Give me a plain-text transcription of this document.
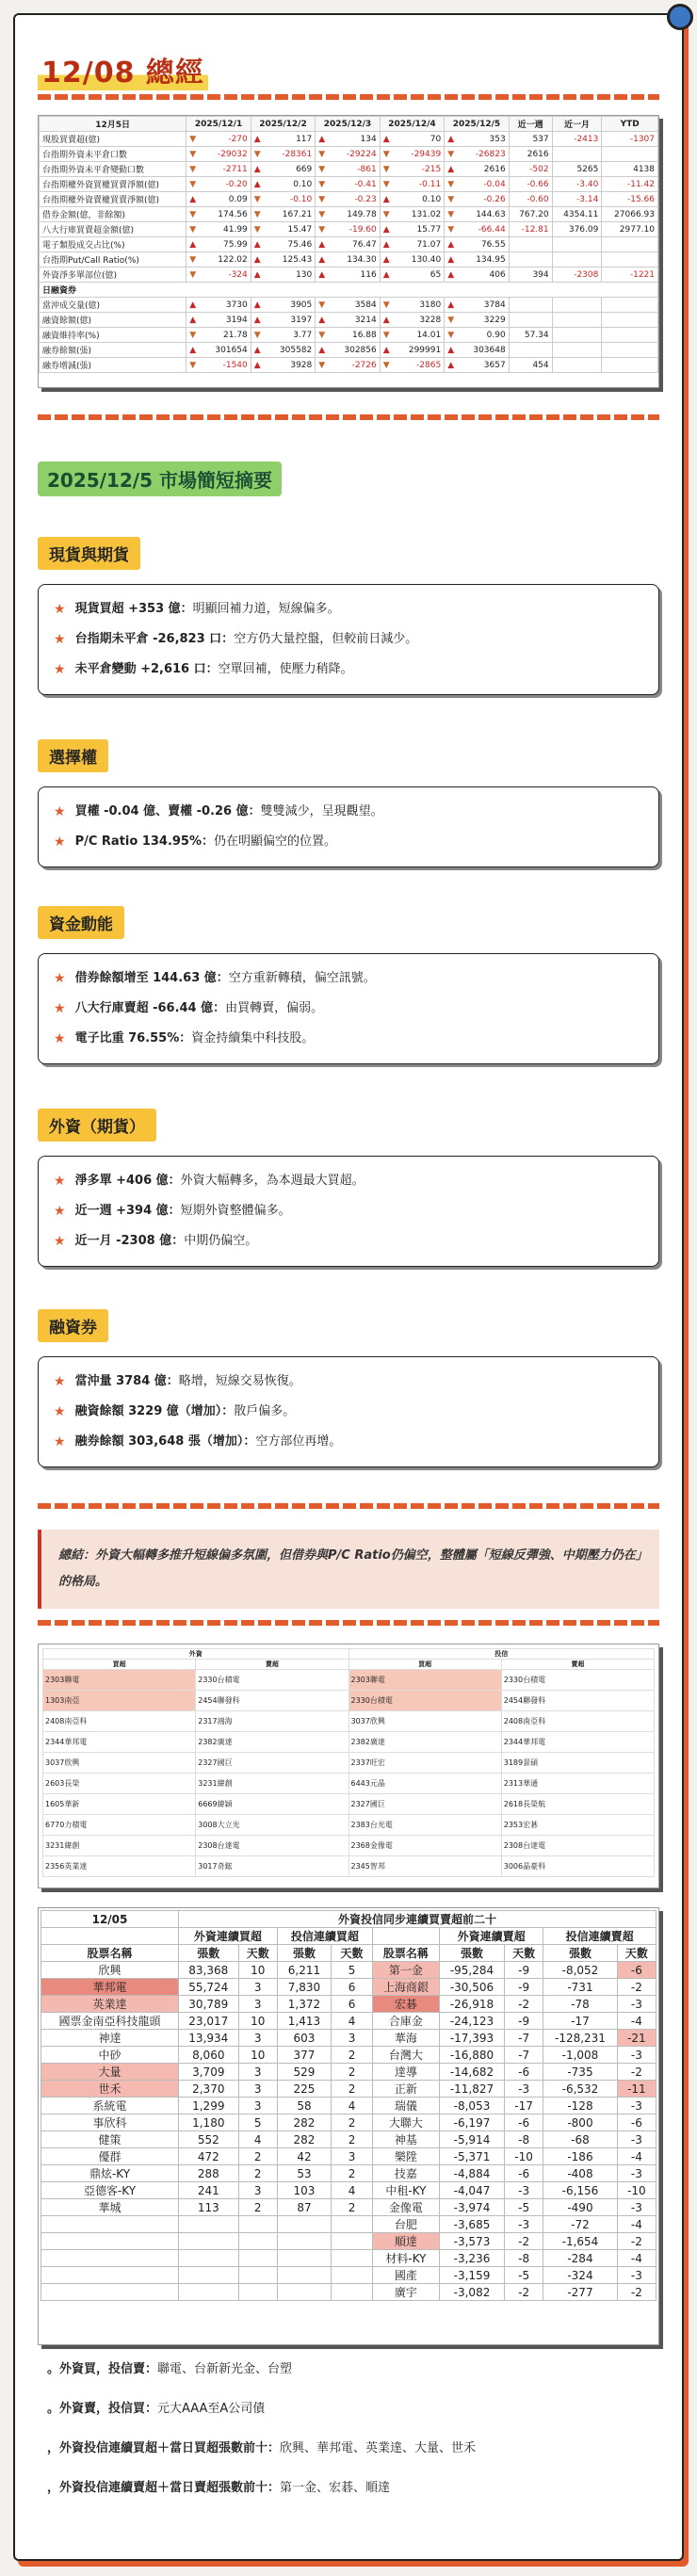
12/08 總經
12月5日	2025/12/1	2025/12/2	2025/12/3	2025/12/4	2025/12/5	近一週	近一月	YTD
現股買賣超(億)	▼ -270	▲ 117	▲ 134	▲ 70	▲ 353	537	-2413	-1307
台指期外資未平倉口數	▼ -29032	▼ -28361	▼ -29224	▼ -29439	▼ -26823	2616		
台指期外資未平倉變動口數	▼ -2711	▲ 669	▼ -861	▼ -215	▲ 2616	-502	5265	4138
台指期權外資買權買賣淨額(億)	▼ -0.20	▲ 0.10	▼ -0.41	▼ -0.11	▼ -0.04	-0.66	-3.40	-11.42
台指期權外資賣權買賣淨額(億)	▲ 0.09	▼ -0.10	▼ -0.23	▲ 0.10	▼ -0.26	-0.60	-3.14	-15.66
借券金額(億，非餘額)	▼ 174.56	▼ 167.21	▼ 149.78	▼ 131.02	▼ 144.63	767.20	4354.11	27066.93
八大行庫買賣超金額(億)	▼ 41.99	▼ 15.47	▼ -19.60	▲ 15.77	▼ -66.44	-12.81	376.09	2977.10
電子類股成交占比(%)	▲ 75.99	▲ 75.46	▲ 76.47	▲ 71.07	▲ 76.55			
台指期Put/Call Ratio(%)	▼ 122.02	▲ 125.43	▲ 134.30	▲ 130.40	▲ 134.95			
外資淨多單部位(億)	▼ -324	▲ 130	▲ 116	▲ 65	▲ 406	394	-2308	-1221
日融資券								
當沖成交量(億)	▲ 3730	▲ 3905	▼ 3584	▼ 3180	▲ 3784			
融資餘額(億)	▲ 3194	▲ 3197	▲ 3214	▲ 3228	▼ 3229			
融資維持率(%)	▼ 21.78	▼ 3.77	▼ 16.88	▼ 14.01	▼ 0.90	57.34		
融券餘額(張)	▲ 301654	▲ 305582	▲ 302856	▲ 299991	▲ 303648			
融券增減(張)	▼ -1540	▲ 3928	▼ -2726	▼ -2865	▲ 3657	454		
2025/12/5 市場簡短摘要
現貨與期貨
★ 現貨買超 +353 億： 明顯回補力道，短線偏多。
★ 台指期未平倉 -26,823 口： 空方仍大量控盤，但較前日減少。
★ 未平倉變動 +2,616 口： 空單回補，使壓力稍降。
選擇權
★ 買權 -0.04 億、賣權 -0.26 億： 雙雙減少，呈現觀望。
★ P/C Ratio 134.95%： 仍在明顯偏空的位置。
資金動能
★ 借券餘額增至 144.63 億： 空方重新轉積，偏空訊號。
★ 八大行庫賣超 -66.44 億： 由買轉賣，偏弱。
★ 電子比重 76.55%： 資金持續集中科技股。
外資（期貨）
★ 淨多單 +406 億： 外資大幅轉多，為本週最大買超。
★ 近一週 +394 億： 短期外資整體偏多。
★ 近一月 -2308 億： 中期仍偏空。
融資券
★ 當沖量 3784 億： 略增，短線交易恢復。
★ 融資餘額 3229 億（增加）： 散戶偏多。
★ 融券餘額 303,648 張（增加）： 空方部位再增。
總結：外資大幅轉多推升短線偏多氛圍，但借券與P/C Ratio仍偏空，整體屬「短線反彈強、中期壓力仍在」的格局。
外資		投信	
買超	賣超	買超	賣超
2303聯電	2330台積電	2303聯電	2330台積電
1303南亞	2454聯發科	2330台積電	2454聯發科
2408南亞科	2317鴻海	3037欣興	2408南亞科
2344華邦電	2382廣達	2382廣達	2344華邦電
3037欣興	2327國巨	2337旺宏	3189景碩
2603長榮	3231緯創	6443元晶	2313華通
1605華新	6669緯穎	2327國巨	2618長榮航
6770力積電	3008大立光	2383台光電	2353宏碁
3231緯創	2308台達電	2368金像電	2308台達電
2356英業達	3017奇鋐	2345智邦	3006晶豪科
12/05	外資投信同步連續買賣超前二十								
	外資連續買超		投信連續買超			外資連續賣超		投信連續賣超	
股票名稱	張數	天數	張數	天數	股票名稱	張數	天數	張數	天數
欣興	83,368	10	6,211	5	第一金	-95,284	-9	-8,052	-6
華邦電	55,724	3	7,830	6	上海商銀	-30,506	-9	-731	-2
英業達	30,789	3	1,372	6	宏碁	-26,918	-2	-78	-3
國票金南亞科技龍頭	23,017	10	1,413	4	合庫金	-24,123	-9	-17	-4
神達	13,934	3	603	3	華海	-17,393	-7	-128,231	-21
中砂	8,060	10	377	2	台灣大	-16,880	-7	-1,008	-3
大量	3,709	3	529	2	達導	-14,682	-6	-735	-2
世禾	2,370	3	225	2	正新	-11,827	-3	-6,532	-11
系統電	1,299	3	58	4	瑞儀	-8,053	-17	-128	-3
事欣科	1,180	5	282	2	大聯大	-6,197	-6	-800	-6
健策	552	4	282	2	神基	-5,914	-8	-68	-3
優群	472	2	42	3	樂陞	-5,371	-10	-186	-4
鼎炫-KY	288	2	53	2	技嘉	-4,884	-6	-408	-3
亞德客-KY	241	3	103	4	中租-KY	-4,047	-3	-6,156	-10
華城	113	2	87	2	金像電	-3,974	-5	-490	-3
					台肥	-3,685	-3	-72	-4
					順達	-3,573	-2	-1,654	-2
					材料-KY	-3,236	-8	-284	-4
					國產	-3,159	-5	-324	-3
					廣宇	-3,082	-2	-277	-2
。外資買，投信賣：聯電、台新新光金、台塑
。外資賣，投信買：元大AAA至A公司債
，外資投信連續買超＋當日買超張數前十：欣興、華邦電、英業達、大量、世禾
，外資投信連續賣超＋當日賣超張數前十：第一金、宏碁、順達
